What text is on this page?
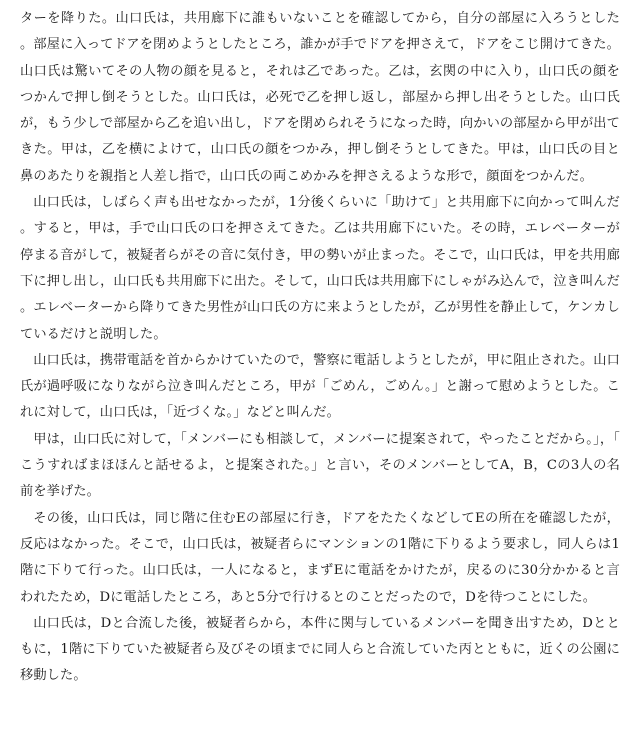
ターを降りた。山口氏は，共用廊下に誰もいないことを確認してから，自分の部屋に入ろうとした。部屋に入ってドアを閉めようとしたところ，誰かが手でドアを押さえて，ドアをこじ開けてきた。山口氏は驚いてその人物の顔を見ると，それは乙であった。乙は，玄関の中に入り，山口氏の顔をつかんで押し倒そうとした。山口氏は，必死で乙を押し返し，部屋から押し出そうとした。山口氏が，もう少しで部屋から乙を追い出し，ドアを閉められそうになった時，向かいの部屋から甲が出てきた。甲は，乙を横によけて，山口氏の顔をつかみ，押し倒そうとしてきた。甲は，山口氏の目と鼻のあたりを親指と人差し指で，山口氏の両こめかみを押さえるような形で，顔面をつかんだ。

山口氏は，しばらく声も出せなかったが，1分後くらいに「助けて」と共用廊下に向かって叫んだ。すると，甲は，手で山口氏の口を押さえてきた。乙は共用廊下にいた。その時，エレベーターが停まる音がして，被疑者らがその音に気付き，甲の勢いが止まった。そこで，山口氏は，甲を共用廊下に押し出し，山口氏も共用廊下に出た。そして，山口氏は共用廊下にしゃがみ込んで，泣き叫んだ。エレベーターから降りてきた男性が山口氏の方に来ようとしたが，乙が男性を静止して，ケンカしているだけと説明した。

山口氏は，携帯電話を首からかけていたので，警察に電話しようとしたが，甲に阻止された。山口氏が過呼吸になりながら泣き叫んだところ，甲が「ごめん，ごめん。」と謝って慰めようとした。これに対して，山口氏は，「近づくな。」などと叫んだ。

甲は，山口氏に対して，「メンバーにも相談して，メンバーに提案されて，やったことだから。」，「こうすればまほほんと話せるよ，と提案された。」と言い，そのメンバーとしてA，B，Cの3人の名前を挙げた。

その後，山口氏は，同じ階に住むEの部屋に行き，ドアをたたくなどしてEの所在を確認したが，反応はなかった。そこで，山口氏は，被疑者らにマンションの1階に下りるよう要求し，同人らは1階に下りて行った。山口氏は，一人になると，まずEに電話をかけたが，戻るのに30分かかると言われたため，Dに電話したところ，あと5分で行けるとのことだったので，Dを待つことにした。

山口氏は，Dと合流した後，被疑者らから，本件に関与しているメンバーを聞き出すため，Dとともに，1階に下りていた被疑者ら及びその頃までに同人らと合流していた丙とともに，近くの公園に移動した。
